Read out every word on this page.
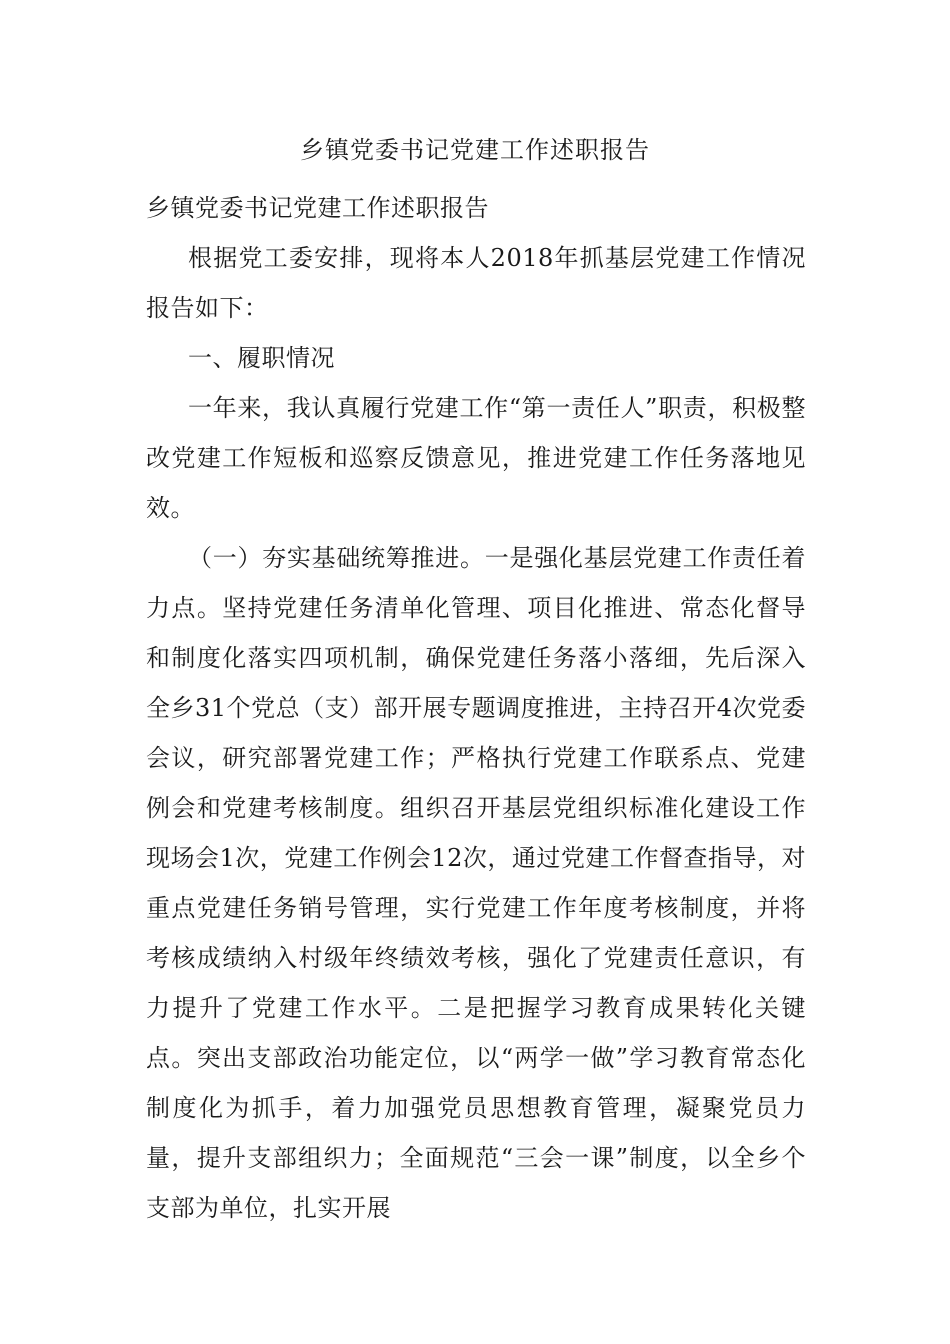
乡镇党委书记党建工作述职报告

乡镇党委书记党建工作述职报告

根据党工委安排，现将本人2018年抓基层党建工作情况报告如下：

一、履职情况

一年来，我认真履行党建工作“第一责任人”职责，积极整改党建工作短板和巡察反馈意见，推进党建工作任务落地见效。

（一）夯实基础统筹推进。一是强化基层党建工作责任着力点。坚持党建任务清单化管理、项目化推进、常态化督导和制度化落实四项机制，确保党建任务落小落细，先后深入全乡31个党总（支）部开展专题调度推进，主持召开4次党委会议，研究部署党建工作；严格执行党建工作联系点、党建例会和党建考核制度。组织召开基层党组织标准化建设工作现场会1次，党建工作例会12次，通过党建工作督查指导，对重点党建任务销号管理，实行党建工作年度考核制度，并将考核成绩纳入村级年终绩效考核，强化了党建责任意识，有力提升了党建工作水平。二是把握学习教育成果转化关键点。突出支部政治功能定位，以“两学一做”学习教育常态化制度化为抓手，着力加强党员思想教育管理，凝聚党员力量，提升支部组织力；全面规范“三会一课”制度，以全乡个支部为单位，扎实开展
